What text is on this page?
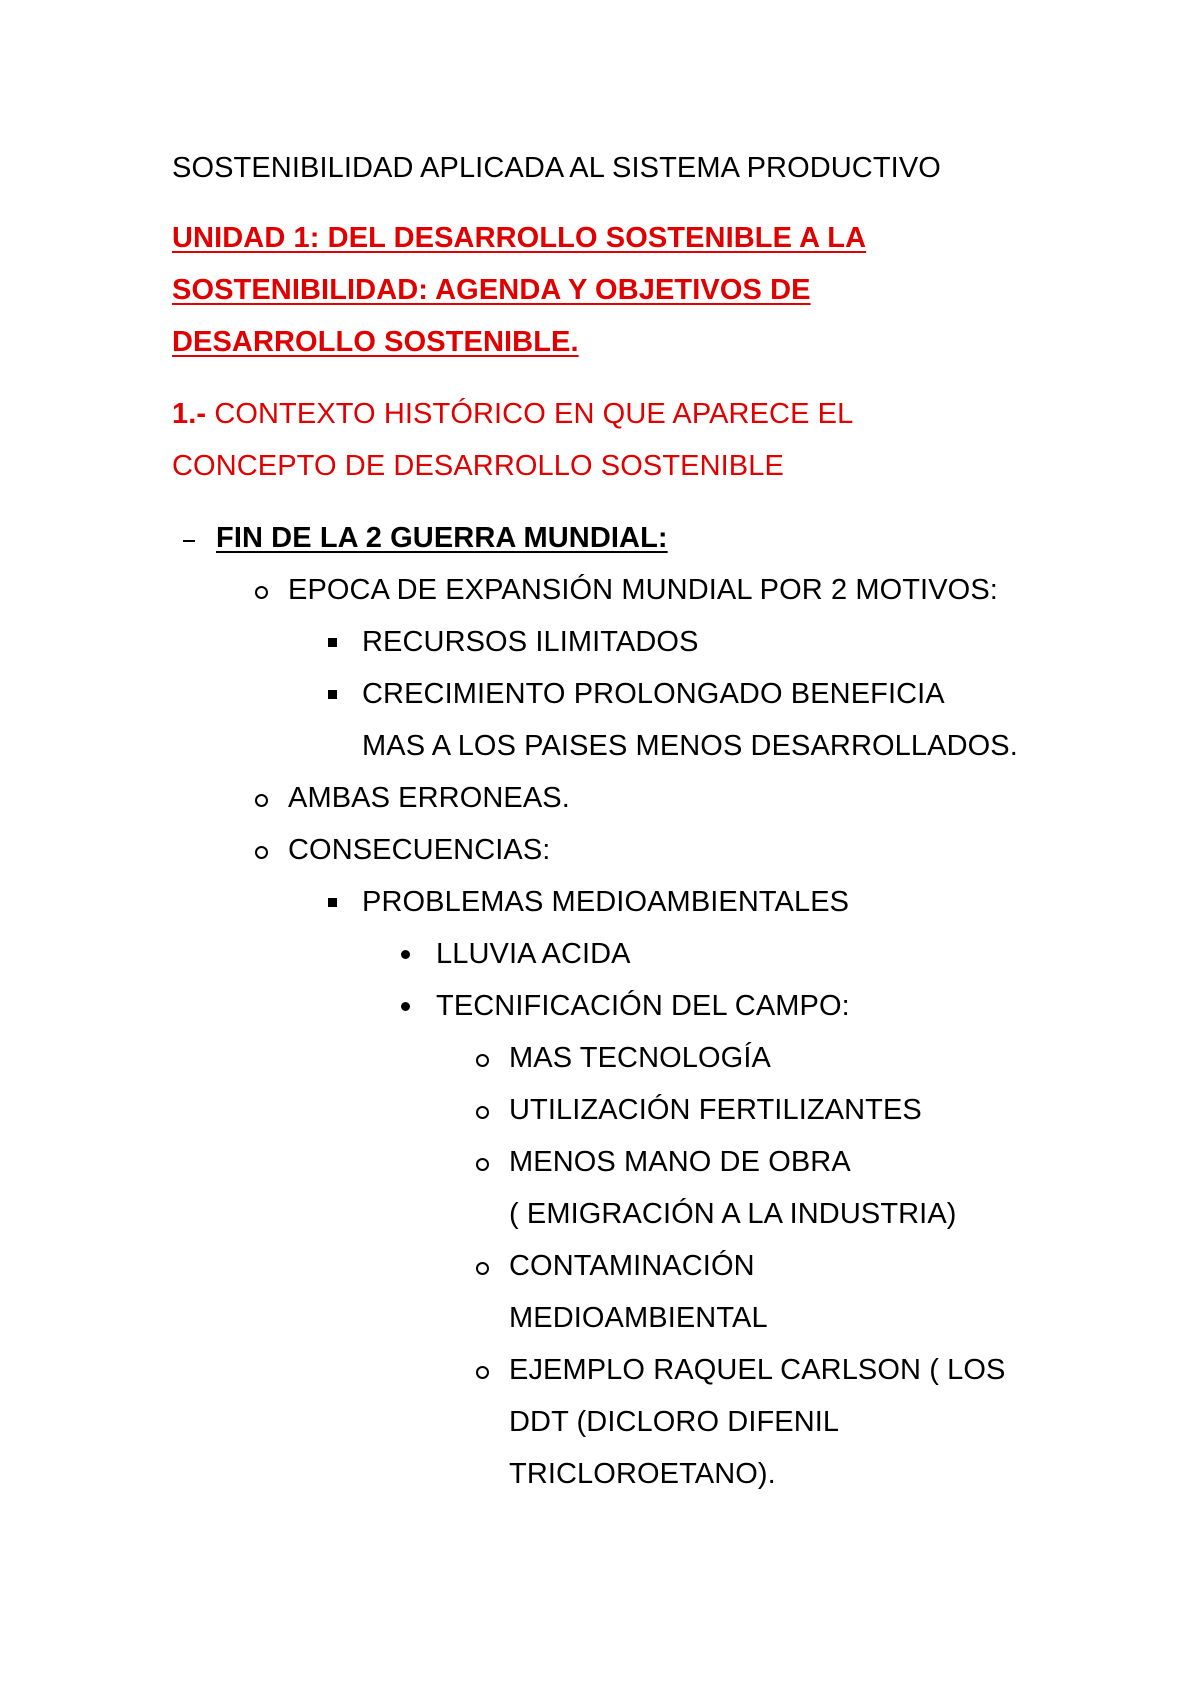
SOSTENIBILIDAD APLICADA AL SISTEMA PRODUCTIVO
UNIDAD 1: DEL DESARROLLO SOSTENIBLE A LA
SOSTENIBILIDAD: AGENDA Y OBJETIVOS DE
DESARROLLO SOSTENIBLE.
1.- CONTEXTO HISTÓRICO EN QUE APARECE EL
CONCEPTO DE DESARROLLO SOSTENIBLE
FIN DE LA 2 GUERRA MUNDIAL:
EPOCA DE EXPANSIÓN MUNDIAL POR 2 MOTIVOS:
RECURSOS ILIMITADOS
CRECIMIENTO PROLONGADO BENEFICIA
MAS A LOS PAISES MENOS DESARROLLADOS.
AMBAS ERRONEAS.
CONSECUENCIAS:
PROBLEMAS MEDIOAMBIENTALES
LLUVIA ACIDA
TECNIFICACIÓN DEL CAMPO:
MAS TECNOLOGÍA
UTILIZACIÓN FERTILIZANTES
MENOS MANO DE OBRA
( EMIGRACIÓN A LA INDUSTRIA)
CONTAMINACIÓN
MEDIOAMBIENTAL
EJEMPLO RAQUEL CARLSON ( LOS
DDT (DICLORO DIFENIL
TRICLOROETANO).
